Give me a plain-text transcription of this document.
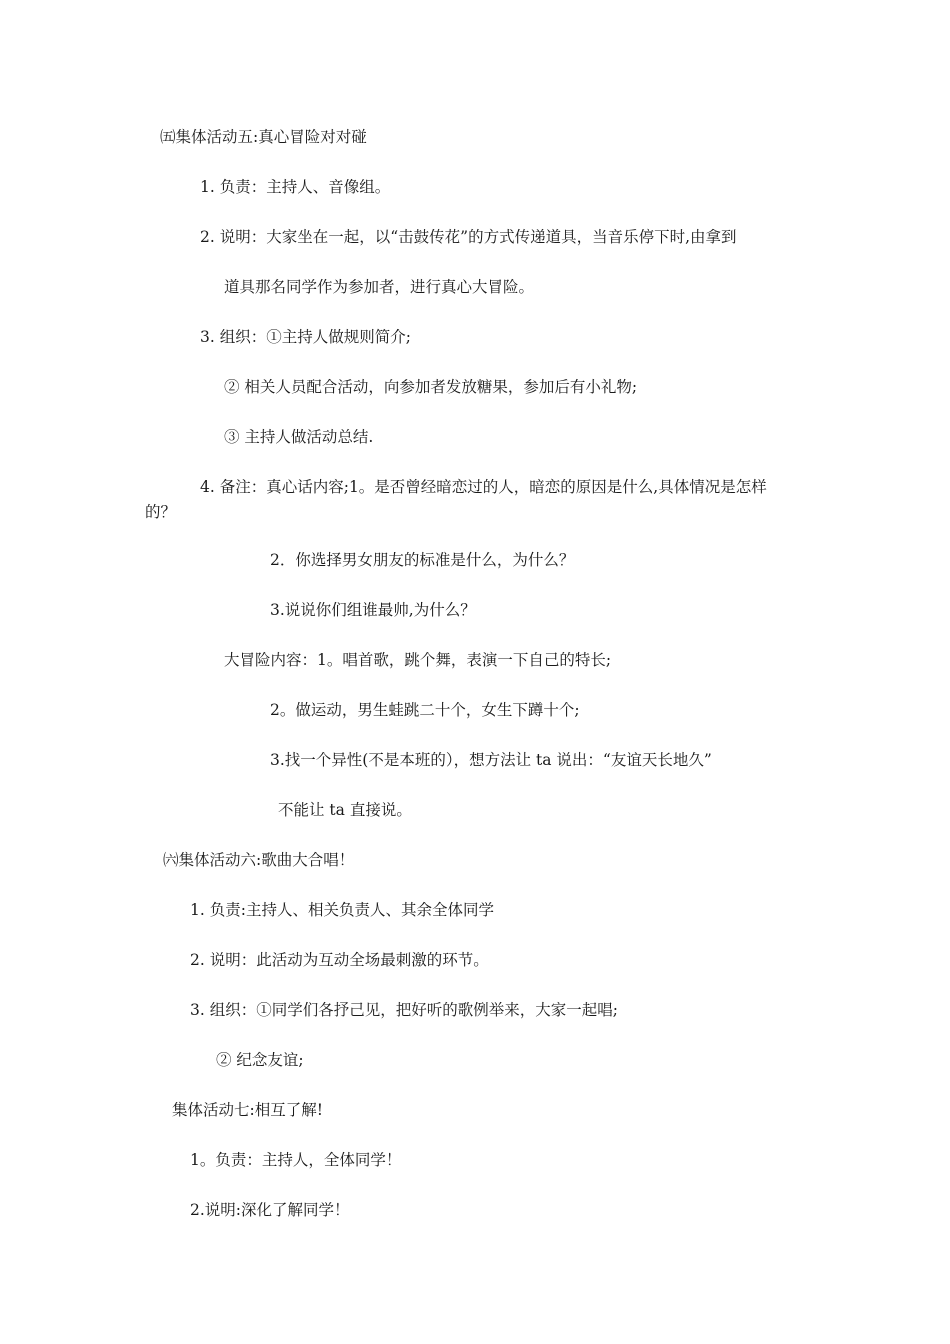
㈤集体活动五:真心冒险对对碰
1. 负责：主持人、音像组。
2. 说明：大家坐在一起，以“击鼓传花”的方式传递道具，当音乐停下时,由拿到
道具那名同学作为参加者，进行真心大冒险。
3. 组织：①主持人做规则简介;
② 相关人员配合活动，向参加者发放糖果，参加后有小礼物;
③ 主持人做活动总结.
4. 备注：真心话内容;1。是否曾经暗恋过的人，暗恋的原因是什么,具体情况是怎样
的？
2．你选择男女朋友的标准是什么，为什么？
3.说说你们组谁最帅,为什么？
大冒险内容：1。唱首歌，跳个舞，表演一下自己的特长;
2。做运动，男生蛙跳二十个，女生下蹲十个;
3.找一个异性(不是本班的），想方法让 ta 说出：“友谊天长地久”
不能让 ta 直接说。
㈥集体活动六:歌曲大合唱！
1. 负责:主持人、相关负责人、其余全体同学
2. 说明：此活动为互动全场最刺激的环节。
3. 组织：①同学们各抒己见，把好听的歌例举来，大家一起唱;
② 纪念友谊;
集体活动七:相互了解!
1。负责：主持人，全体同学！
2.说明:深化了解同学！
